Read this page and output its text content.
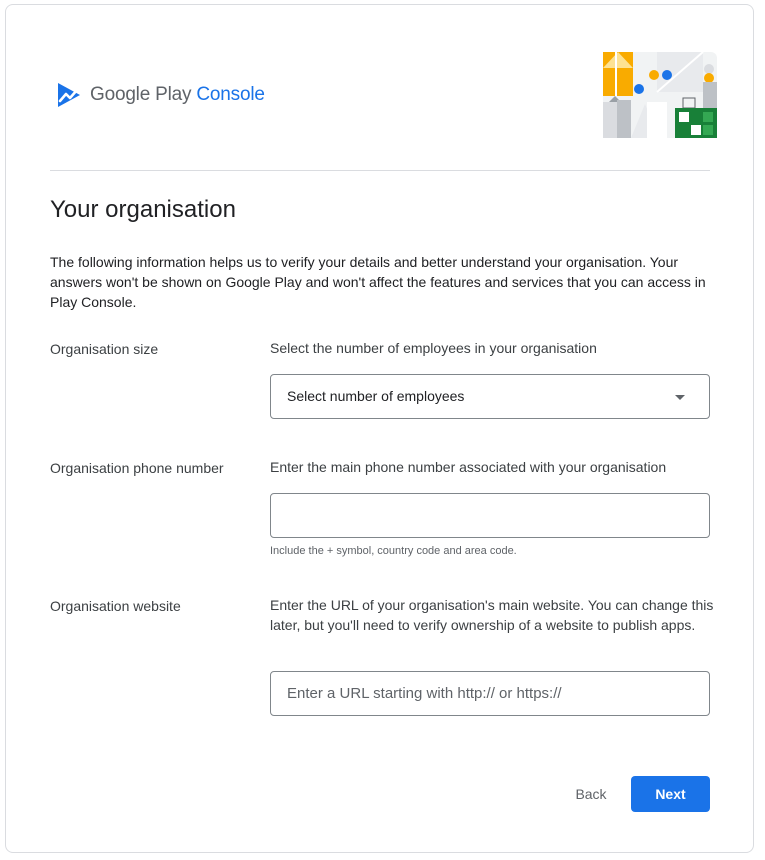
Google Play Console
Your organisation

The following information helps us to verify your details and better understand your organisation. Your answers won't be shown on Google Play and won't affect the features and services that you can access in Play Console.

Organisation size	Select the number of employees in your organisation
Select number of employees
Organisation phone number	Enter the main phone number associated with your organisation
Include the + symbol, country code and area code.
Organisation website	Enter the URL of your organisation's main website. You can change this later, but you'll need to verify ownership of a website to publish apps.
Enter a URL starting with http:// or https://
Back	Next
